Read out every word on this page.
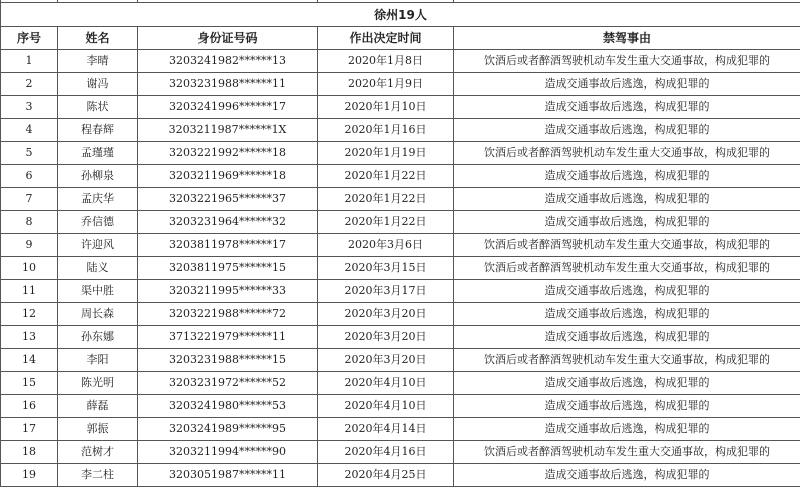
徐州19人				
序号	姓名	身份证号码	作出决定时间	禁驾事由
1	李晴	3203241982******13	2020年1月8日	饮酒后或者醉酒驾驶机动车发生重大交通事故，构成犯罪的
2	谢冯	3203231988******11	2020年1月9日	造成交通事故后逃逸，构成犯罪的
3	陈状	3203241996******17	2020年1月10日	造成交通事故后逃逸，构成犯罪的
4	程春辉	3203211987******1X	2020年1月16日	造成交通事故后逃逸，构成犯罪的
5	孟瑾瑾	3203221992******18	2020年1月19日	饮酒后或者醉酒驾驶机动车发生重大交通事故，构成犯罪的
6	孙柳泉	3203211969******18	2020年1月22日	造成交通事故后逃逸，构成犯罪的
7	孟庆华	3203221965******37	2020年1月22日	造成交通事故后逃逸，构成犯罪的
8	乔信德	3203231964******32	2020年1月22日	造成交通事故后逃逸，构成犯罪的
9	许迎风	3203811978******17	2020年3月6日	饮酒后或者醉酒驾驶机动车发生重大交通事故，构成犯罪的
10	陆义	3203811975******15	2020年3月15日	饮酒后或者醉酒驾驶机动车发生重大交通事故，构成犯罪的
11	渠中胜	3203211995******33	2020年3月17日	造成交通事故后逃逸，构成犯罪的
12	周长森	3203221988******72	2020年3月20日	造成交通事故后逃逸，构成犯罪的
13	孙东娜	3713221979******11	2020年3月20日	造成交通事故后逃逸，构成犯罪的
14	李阳	3203231988******15	2020年3月20日	饮酒后或者醉酒驾驶机动车发生重大交通事故，构成犯罪的
15	陈光明	3203231972******52	2020年4月10日	造成交通事故后逃逸，构成犯罪的
16	薛磊	3203241980******53	2020年4月10日	造成交通事故后逃逸，构成犯罪的
17	郭振	3203241989******95	2020年4月14日	造成交通事故后逃逸，构成犯罪的
18	范树才	3203211994******90	2020年4月16日	饮酒后或者醉酒驾驶机动车发生重大交通事故，构成犯罪的
19	李二柱	3203051987******11	2020年4月25日	造成交通事故后逃逸，构成犯罪的
